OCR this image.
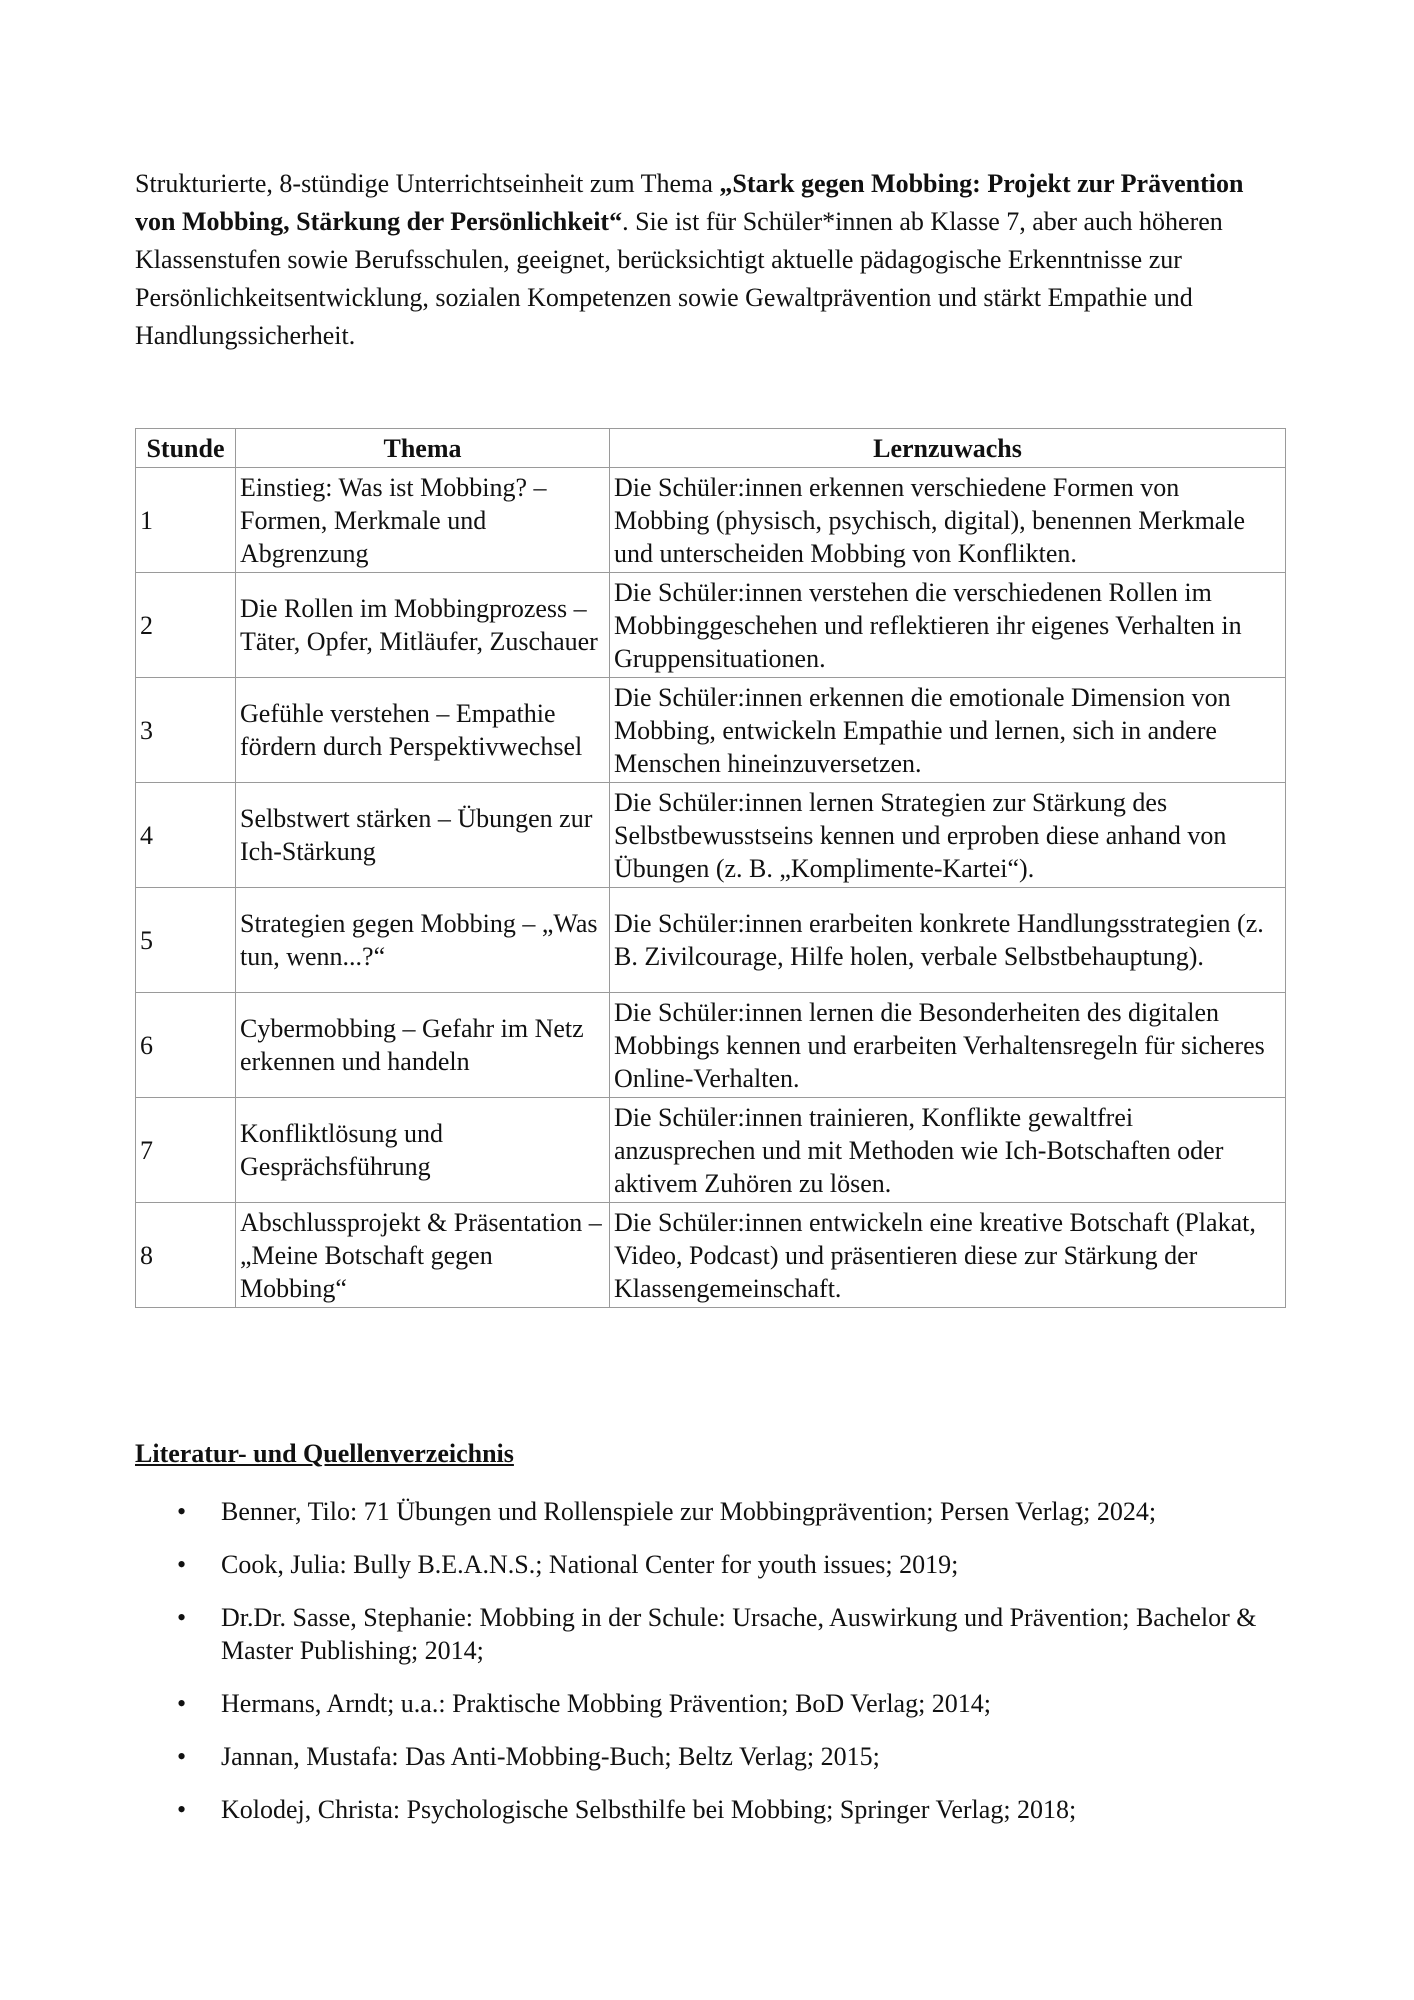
Strukturierte, 8-stündige Unterrichtseinheit zum Thema „Stark gegen Mobbing: Projekt zur Prävention von Mobbing, Stärkung der Persönlichkeit“. Sie ist für Schüler*innen ab Klasse 7, aber auch höheren Klassenstufen sowie Berufsschulen, geeignet, berücksichtigt aktuelle pädagogische Erkenntnisse zur Persönlichkeitsentwicklung, sozialen Kompetenzen sowie Gewaltprävention und stärkt Empathie und Handlungssicherheit.

Stunde	Thema	Lernzuwachs
1	Einstieg: Was ist Mobbing? – Formen, Merkmale und Abgrenzung	Die Schüler:innen erkennen verschiedene Formen von Mobbing (physisch, psychisch, digital), benennen Merkmale und unterscheiden Mobbing von Konflikten.
2	Die Rollen im Mobbingprozess – Täter, Opfer, Mitläufer, Zuschauer	Die Schüler:innen verstehen die verschiedenen Rollen im Mobbinggeschehen und reflektieren ihr eigenes Verhalten in Gruppensituationen.
3	Gefühle verstehen – Empathie fördern durch Perspektivwechsel	Die Schüler:innen erkennen die emotionale Dimension von Mobbing, entwickeln Empathie und lernen, sich in andere Menschen hineinzuversetzen.
4	Selbstwert stärken – Übungen zur Ich-Stärkung	Die Schüler:innen lernen Strategien zur Stärkung des Selbstbewusstseins kennen und erproben diese anhand von Übungen (z. B. „Komplimente-Kartei“).
5	Strategien gegen Mobbing – „Was tun, wenn...?“	Die Schüler:innen erarbeiten konkrete Handlungsstrategien (z. B. Zivilcourage, Hilfe holen, verbale Selbstbehauptung).
6	Cybermobbing – Gefahr im Netz erkennen und handeln	Die Schüler:innen lernen die Besonderheiten des digitalen Mobbings kennen und erarbeiten Verhaltensregeln für sicheres Online-Verhalten.
7	Konfliktlösung und Gesprächsführung	Die Schüler:innen trainieren, Konflikte gewaltfrei anzusprechen und mit Methoden wie Ich-Botschaften oder aktivem Zuhören zu lösen.
8	Abschlussprojekt & Präsentation – „Meine Botschaft gegen Mobbing“	Die Schüler:innen entwickeln eine kreative Botschaft (Plakat, Video, Podcast) und präsentieren diese zur Stärkung der Klassengemeinschaft.
Literatur- und Quellenverzeichnis
• Benner, Tilo: 71 Übungen und Rollenspiele zur Mobbingprävention; Persen Verlag; 2024;
• Cook, Julia: Bully B.E.A.N.S.; National Center for youth issues; 2019;
• Dr.Dr. Sasse, Stephanie: Mobbing in der Schule: Ursache, Auswirkung und Prävention; Bachelor & Master Publishing; 2014;
• Hermans, Arndt; u.a.: Praktische Mobbing Prävention; BoD Verlag; 2014;
• Jannan, Mustafa: Das Anti-Mobbing-Buch; Beltz Verlag; 2015;
• Kolodej, Christa: Psychologische Selbsthilfe bei Mobbing; Springer Verlag; 2018;
